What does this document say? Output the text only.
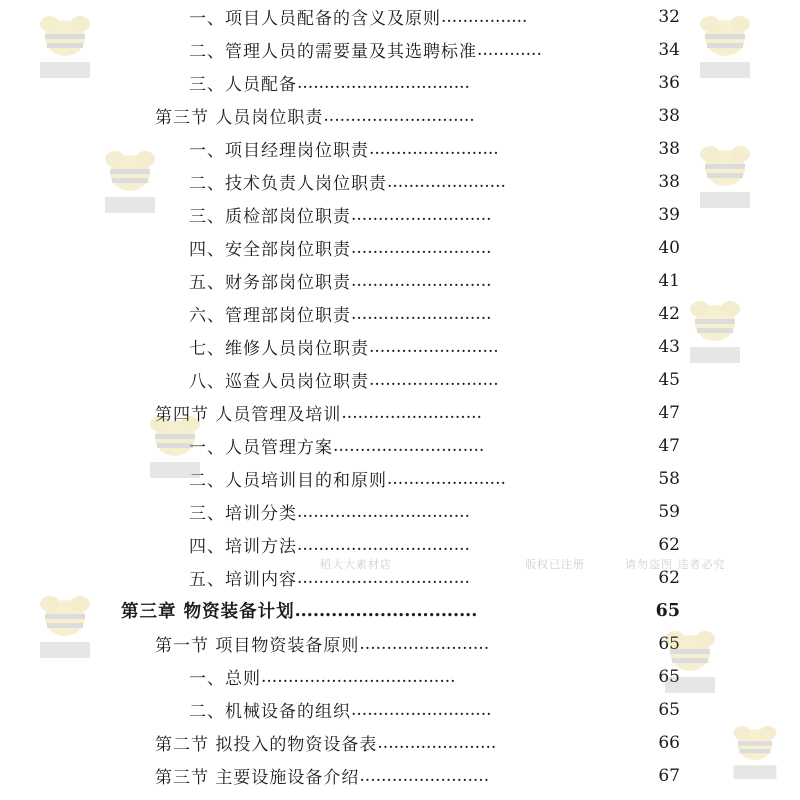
一、项目人员配备的含义及原则 ................
二、管理人员的需要量及其选聘标准 ............
三、人员配备 ................................
第三节 人员岗位职责 ............................
一、项目经理岗位职责 ........................
二、技术负责人岗位职责 ......................
三、质检部岗位职责 ..........................
四、安全部岗位职责 ..........................
五、财务部岗位职责 ..........................
六、管理部岗位职责 ..........................
七、维修人员岗位职责 ........................
八、巡查人员岗位职责 ........................
第四节 人员管理及培训 ..........................
一、人员管理方案 ............................
二、人员培训目的和原则 ......................
三、培训分类 ................................
四、培训方法 ................................
五、培训内容 ................................
第三章 物资装备计划 ..............................
第一节 项目物资装备原则 ........................
一、总则 ....................................
二、机械设备的组织 ..........................
第二节 拟投入的物资设备表 ......................
第三节 主要设施设备介绍 ........................
32
34
36
38
38
38
39
40
41
42
43
45
47
47
58
59
62
62
65
65
65
65
66
67
稻大大素材店	版权已注册	请勿盗图 违者必究
